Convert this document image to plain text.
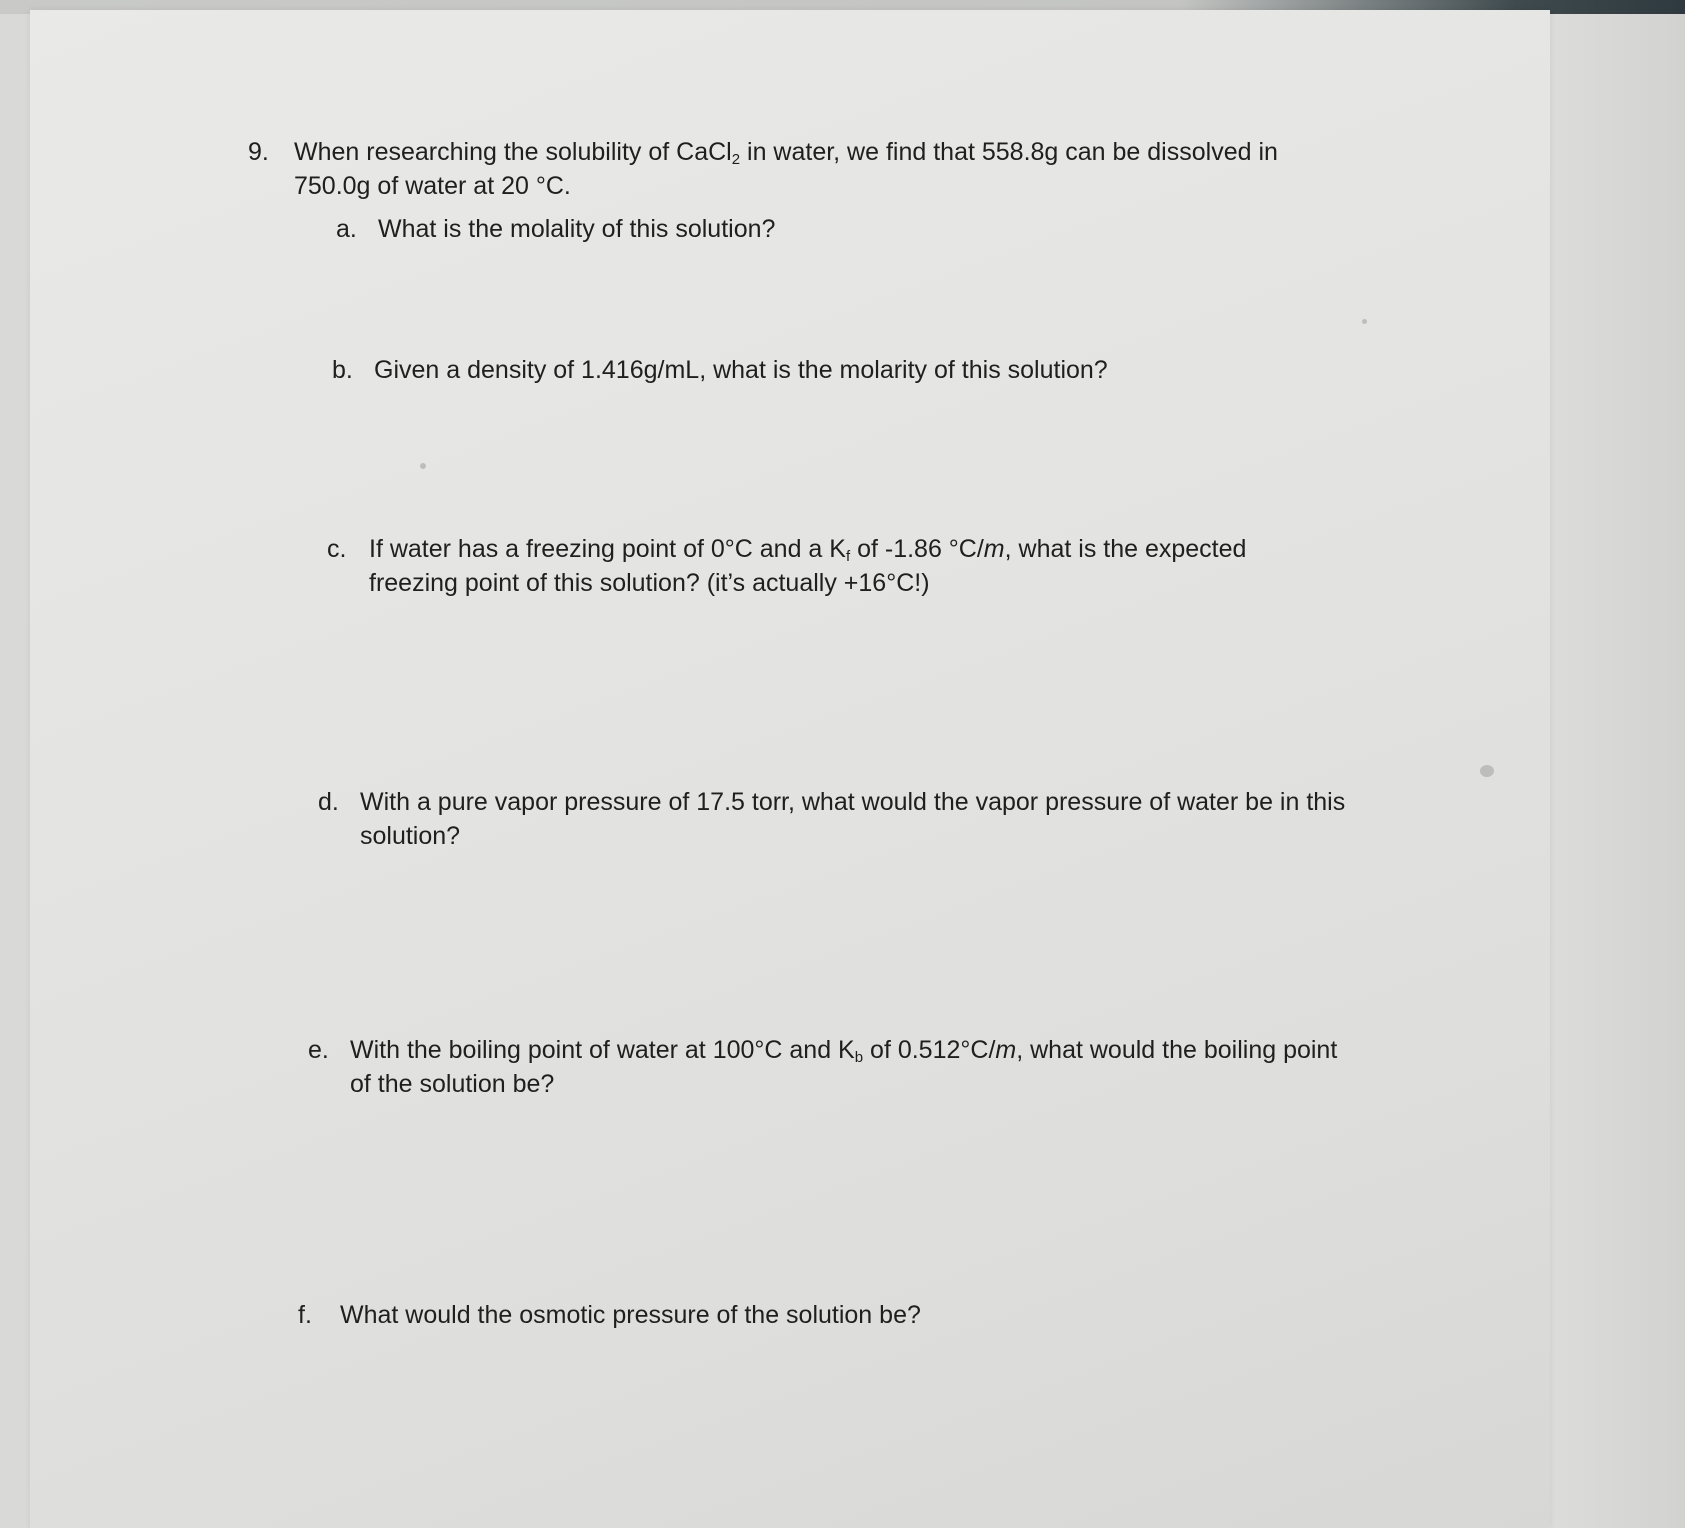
9. When researching the solubility of CaCl$_2$ in water, we find that 558.8g can be dissolved in 750.0g of water at 20 °C.
a. What is the molality of this solution?
b. Given a density of 1.416g/mL, what is the molarity of this solution?
c. If water has a freezing point of 0°C and a $K_f$ of -1.86 °C/m, what is the expected freezing point of this solution? (it’s actually +16°C!)
d. With a pure vapor pressure of 17.5 torr, what would the vapor pressure of water be in this solution?
e. With the boiling point of water at 100°C and $K_b$ of 0.512°C/m, what would the boiling point of the solution be?
f. What would the osmotic pressure of the solution be?
